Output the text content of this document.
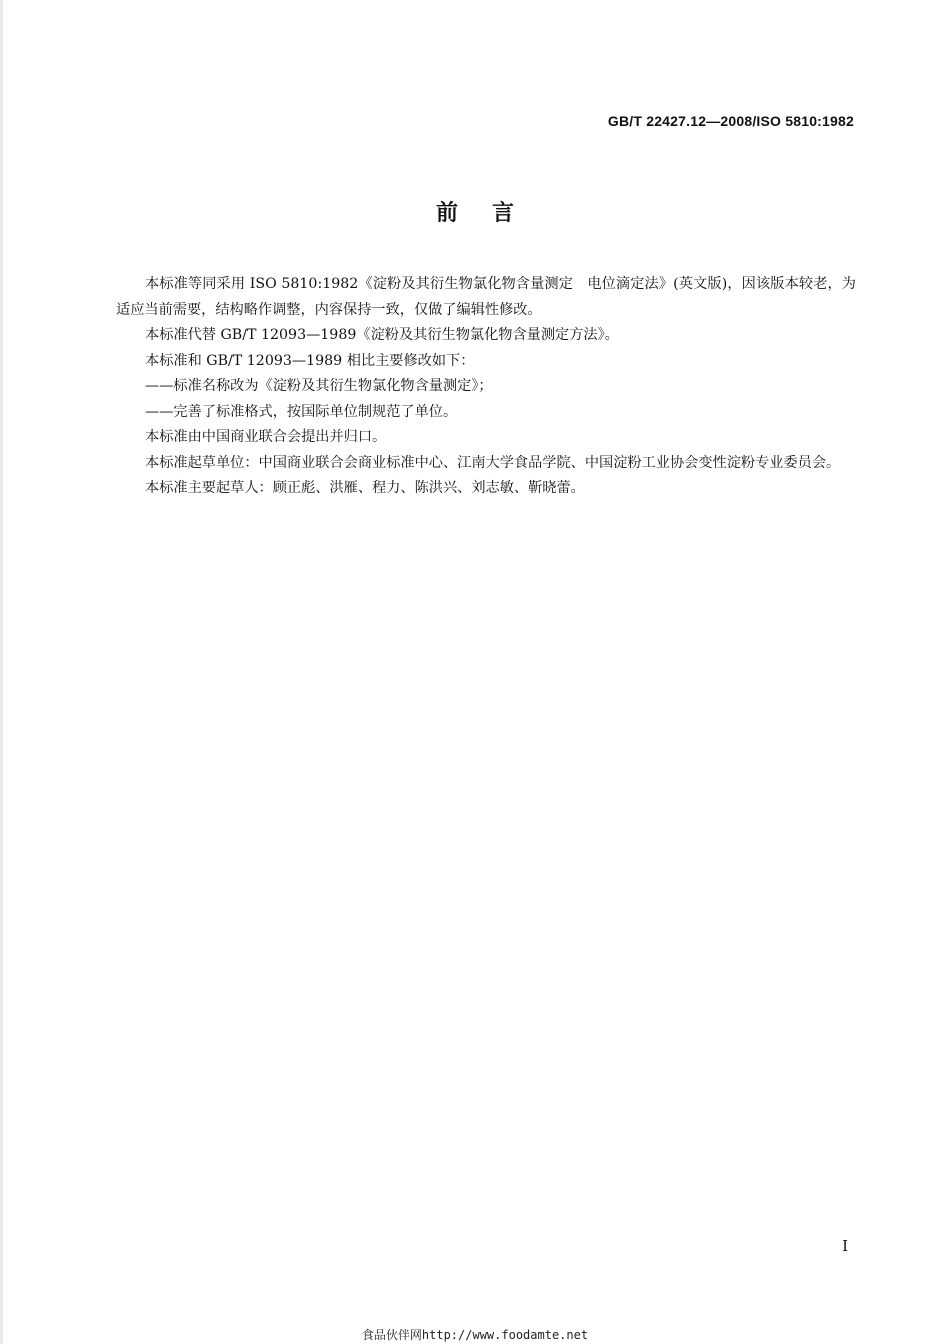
GB/T 22427.12—2008/ISO 5810:1982
前言

本标准等同采用 ISO 5810:1982《淀粉及其衍生物氯化物含量测定　电位滴定法》(英文版)，因该版本较老，为适应当前需要，结构略作调整，内容保持一致，仅做了编辑性修改。

本标准代替 GB/T 12093—1989《淀粉及其衍生物氯化物含量测定方法》。

本标准和 GB/T 12093—1989 相比主要修改如下：

——标准名称改为《淀粉及其衍生物氯化物含量测定》；

——完善了标准格式，按国际单位制规范了单位。

本标准由中国商业联合会提出并归口。

本标准起草单位：中国商业联合会商业标准中心、江南大学食品学院、中国淀粉工业协会变性淀粉专业委员会。

本标准主要起草人：顾正彪、洪雁、程力、陈洪兴、刘志敏、靳晓蕾。

I
食品伙伴网http://www.foodamte.net
